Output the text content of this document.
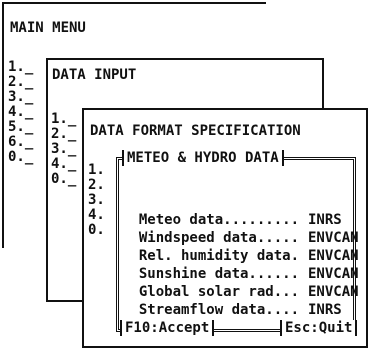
MAIN MENU
1._
2._
3._
4._
5._
6._
0._
DATA INPUT
1._
2._
3._
4._
0._
DATA FORMAT SPECIFICATION
1.
2.
3.
4.
0.
METEO & HYDRO DATA

Meteo data......... INRS

Windspeed data..... ENVCAN

Rel. humidity data. ENVCAN

Sunshine data...... ENVCAN

Global solar rad... ENVCAN

Streamflow data.... INRS

F10:Accept	Esc:Quit
